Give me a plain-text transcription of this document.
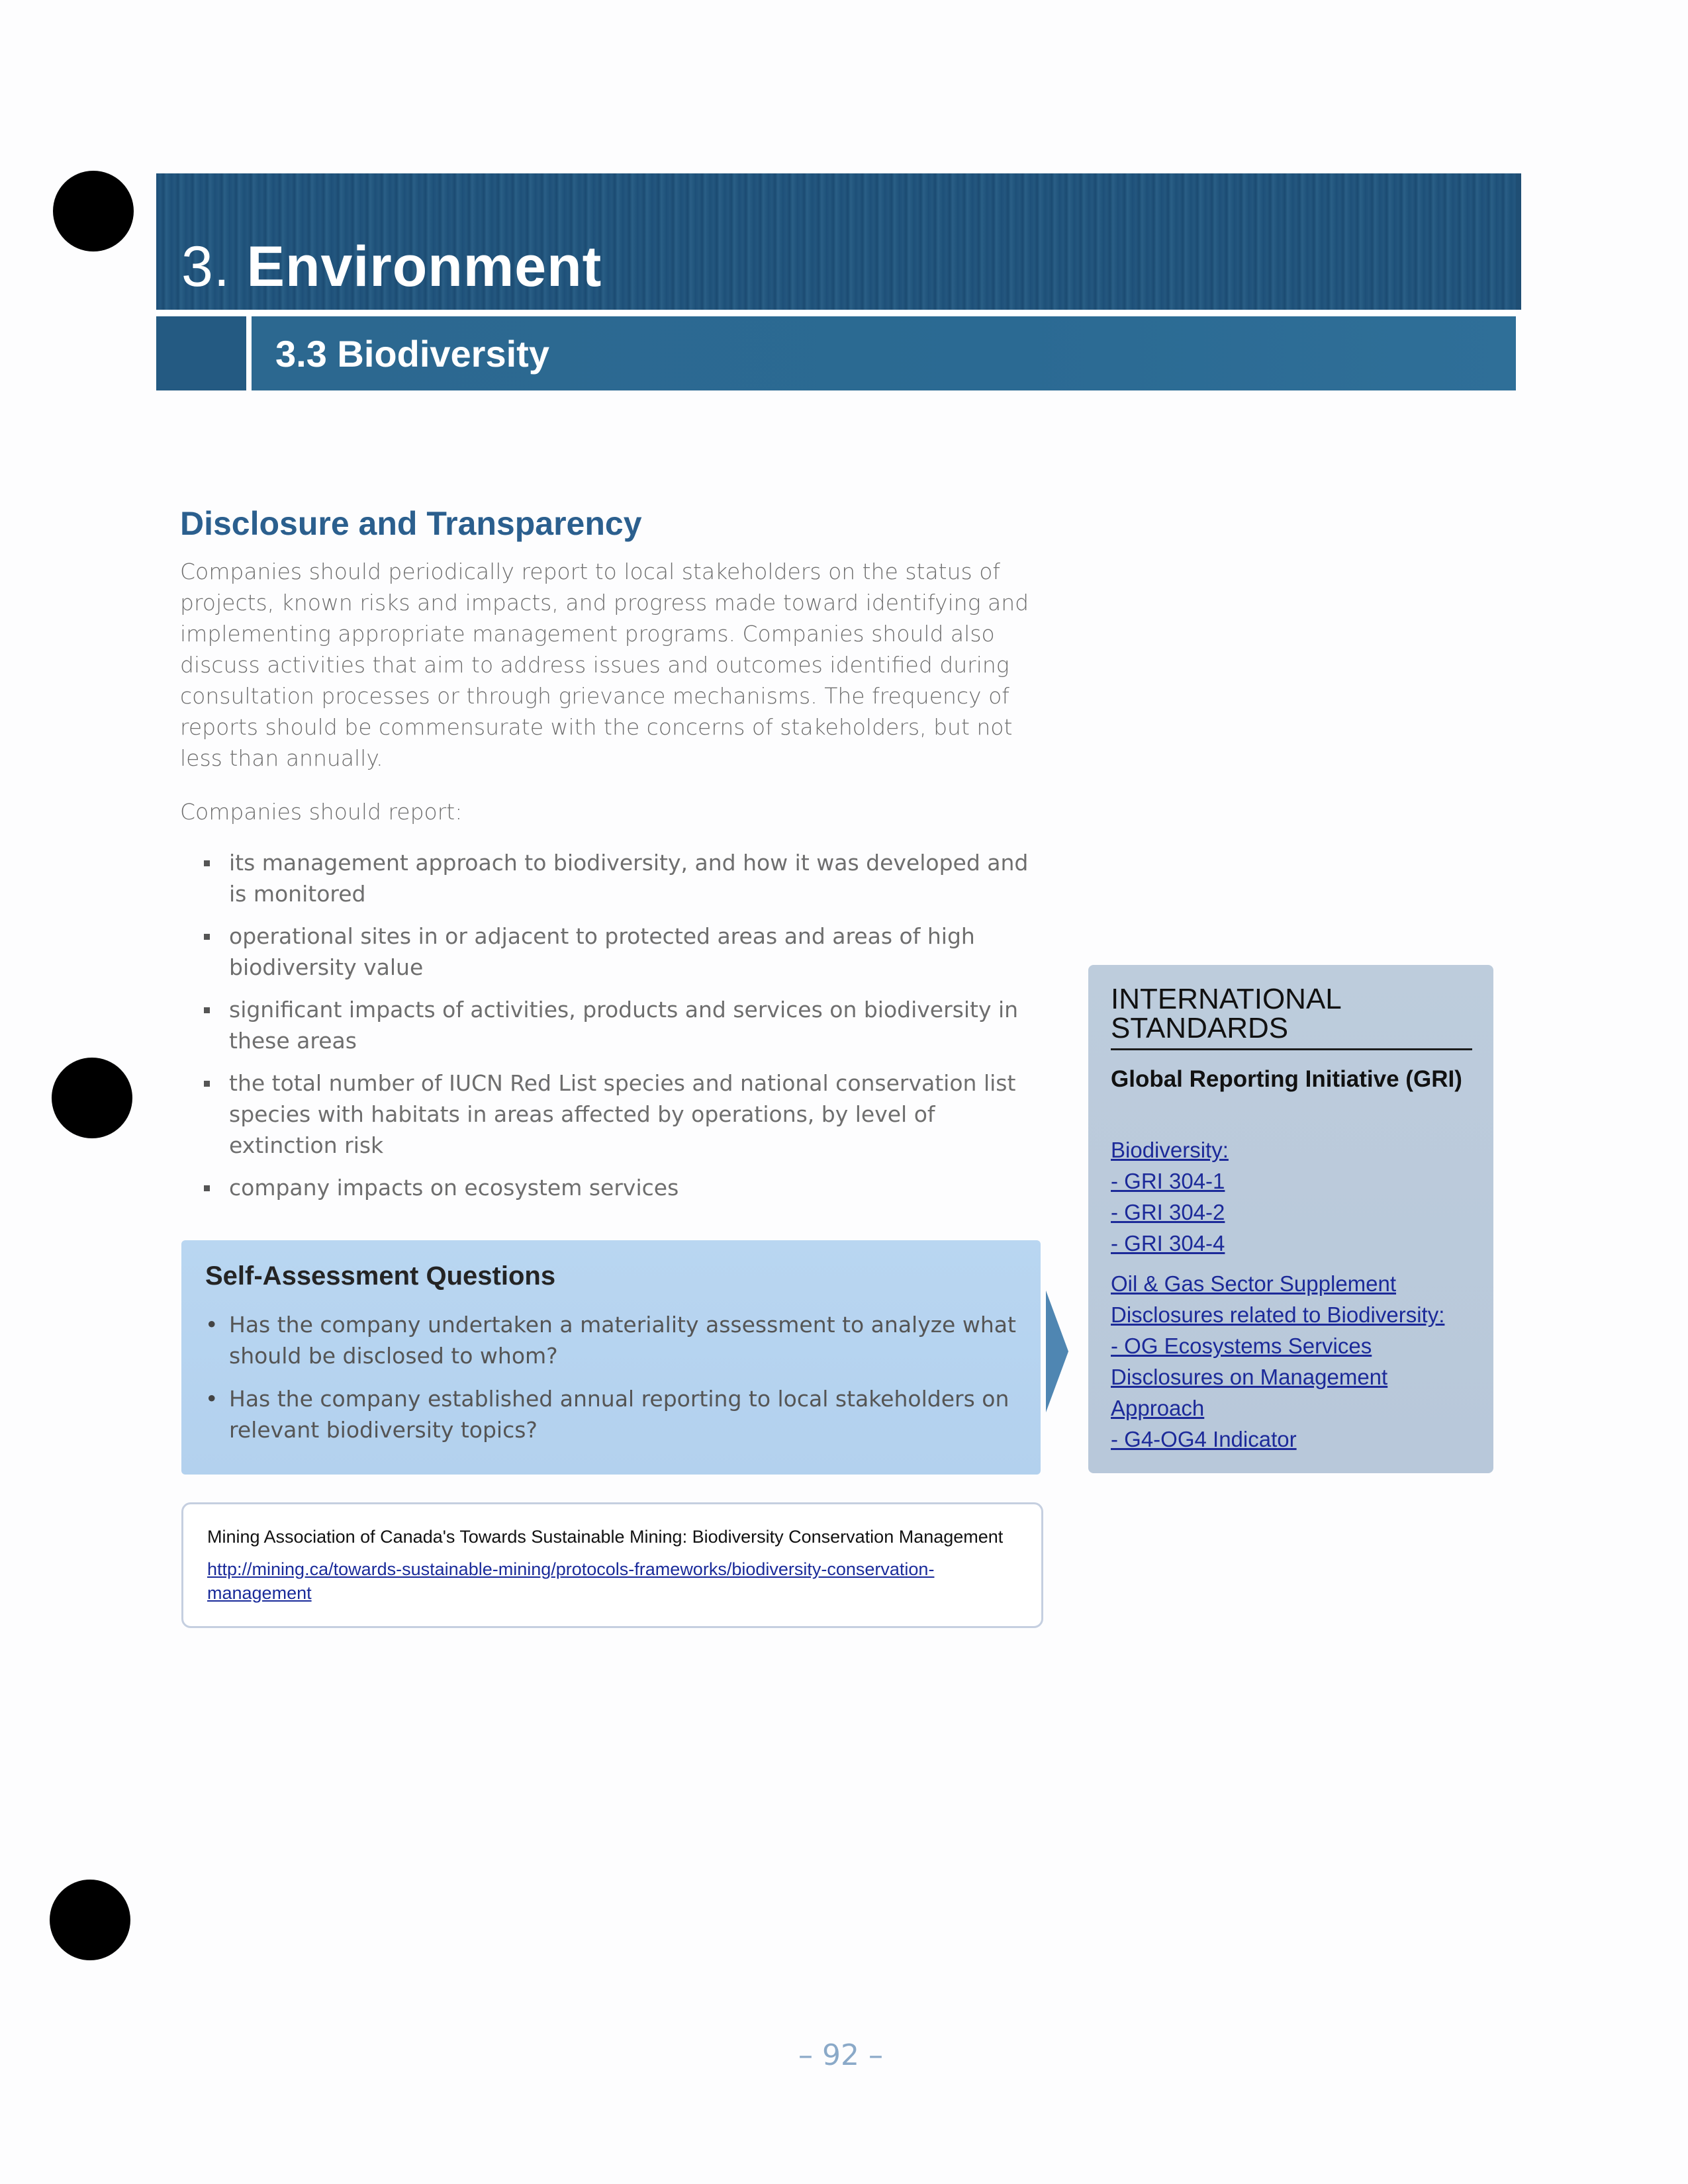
3. Environment
3.3 Biodiversity
Disclosure and Transparency
Companies should periodically report to local stakeholders on the status of projects, known risks and impacts, and progress made toward identifying and implementing appropriate management programs. Companies should also discuss activities that aim to address issues and outcomes identified during consultation processes or through grievance mechanisms. The frequency of reports should be commensurate with the concerns of stakeholders, but not less than annually.
Companies should report:
its management approach to biodiversity, and how it was developed and is monitored
operational sites in or adjacent to protected areas and areas of high biodiversity value
significant impacts of activities, products and services on biodiversity in these areas
the total number of IUCN Red List species and national conservation list species with habitats in areas affected by operations, by level of extinction risk
company impacts on ecosystem services
Self-Assessment Questions
• Has the company undertaken a materiality assessment to analyze what should be disclosed to whom?
• Has the company established annual reporting to local stakeholders on relevant biodiversity topics?
Mining Association of Canada's Towards Sustainable Mining: Biodiversity Conservation Management
http://mining.ca/towards-sustainable-mining/protocols-frameworks/biodiversity-conservation-management
INTERNATIONAL
STANDARDS
Global Reporting Initiative (GRI)
Biodiversity:
- GRI 304-1
- GRI 304-2
- GRI 304-4
Oil & Gas Sector Supplement
Disclosures related to Biodiversity:
- OG Ecosystems Services
Disclosures on Management
Approach
- G4-OG4 Indicator
– 92 –
